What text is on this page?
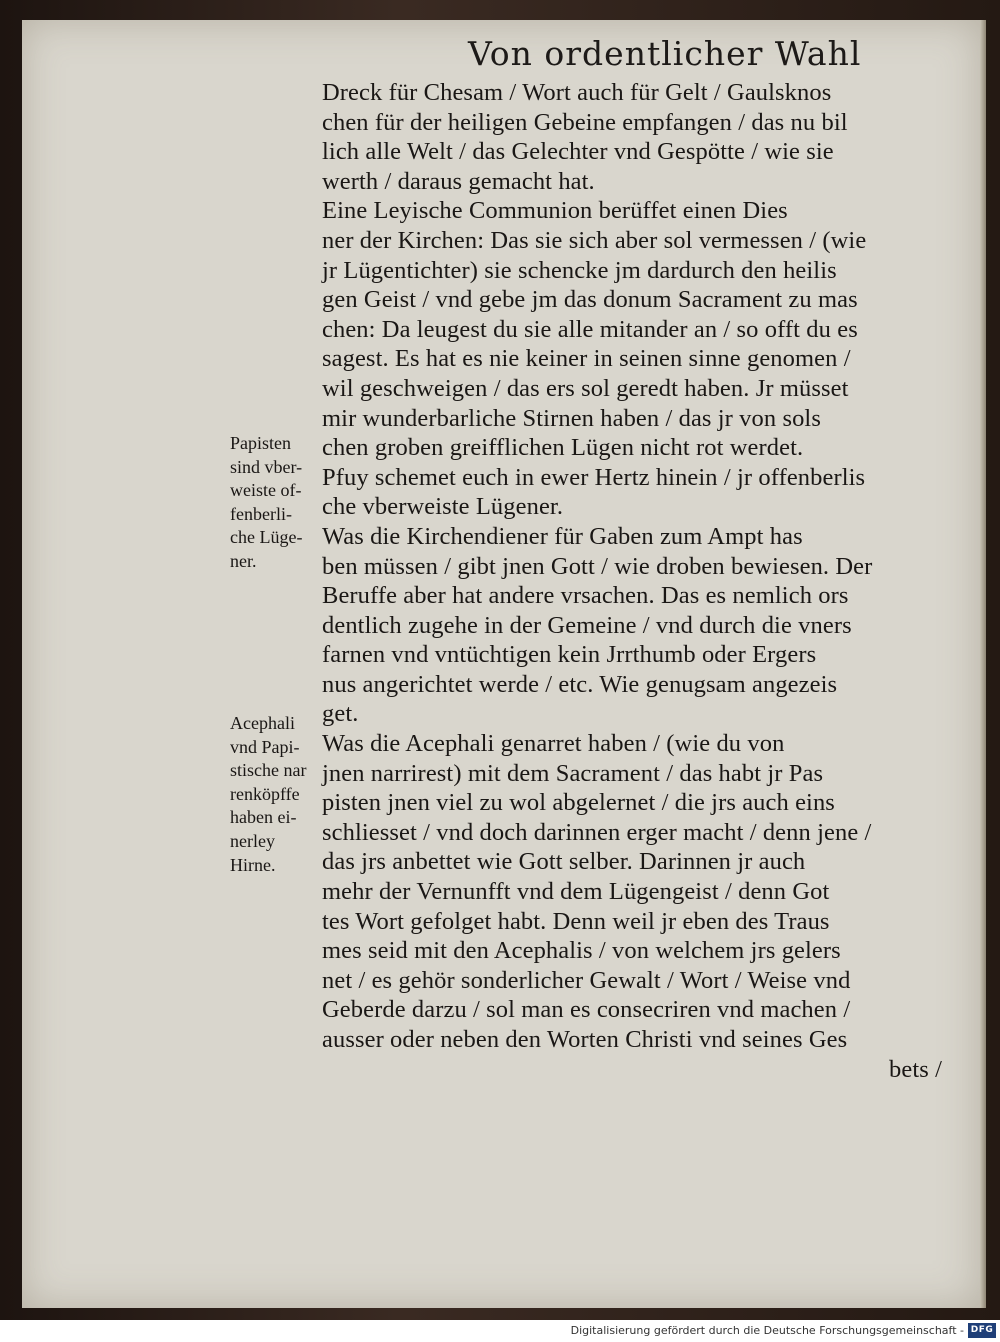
Von ordentlicher Wahl
Papisten
sind vber-
weiste of-
fenberli-
che Lüge-
ner.
Acephali
vnd Papi-
stische nar
renköpffe
haben ei-
nerley
Hirne.
Dreck für Chesam / Wort auch für Gelt / Gaulsknos
chen für der heiligen Gebeine empfangen / das nu bil
lich alle Welt / das Gelechter vnd Gespötte / wie sie
werth / daraus gemacht hat.
Eine Leyische Communion berüffet einen Dies
ner der Kirchen: Das sie sich aber sol vermessen / (wie
jr Lügentichter) sie schencke jm dardurch den heilis
gen Geist / vnd gebe jm das donum Sacrament zu mas
chen: Da leugest du sie alle mitander an / so offt du es
sagest. Es hat es nie keiner in seinen sinne genomen /
wil geschweigen / das ers sol geredt haben. Jr müsset
mir wunderbarliche Stirnen haben / das jr von sols
chen groben greifflichen Lügen nicht rot werdet.
Pfuy schemet euch in ewer Hertz hinein / jr offenberlis
che vberweiste Lügener.
Was die Kirchendiener für Gaben zum Ampt has
ben müssen / gibt jnen Gott / wie droben bewiesen. Der
Beruffe aber hat andere vrsachen. Das es nemlich ors
dentlich zugehe in der Gemeine / vnd durch die vners
farnen vnd vntüchtigen kein Jrrthumb oder Ergers
nus angerichtet werde / etc. Wie genugsam angezeis
get.
Was die Acephali genarret haben / (wie du von
jnen narrirest) mit dem Sacrament / das habt jr Pas
pisten jnen viel zu wol abgelernet / die jrs auch eins
schliesset / vnd doch darinnen erger macht / denn jene /
das jrs anbettet wie Gott selber. Darinnen jr auch
mehr der Vernunfft vnd dem Lügengeist / denn Got
tes Wort gefolget habt. Denn weil jr eben des Traus
mes seid mit den Acephalis / von welchem jrs gelers
net / es gehör sonderlicher Gewalt / Wort / Weise vnd
Geberde darzu / sol man es consecriren vnd machen /
ausser oder neben den Worten Christi vnd seines Ges
bets /
Digitalisierung gefördert durch die Deutsche Forschungsgemeinschaft - DFG
